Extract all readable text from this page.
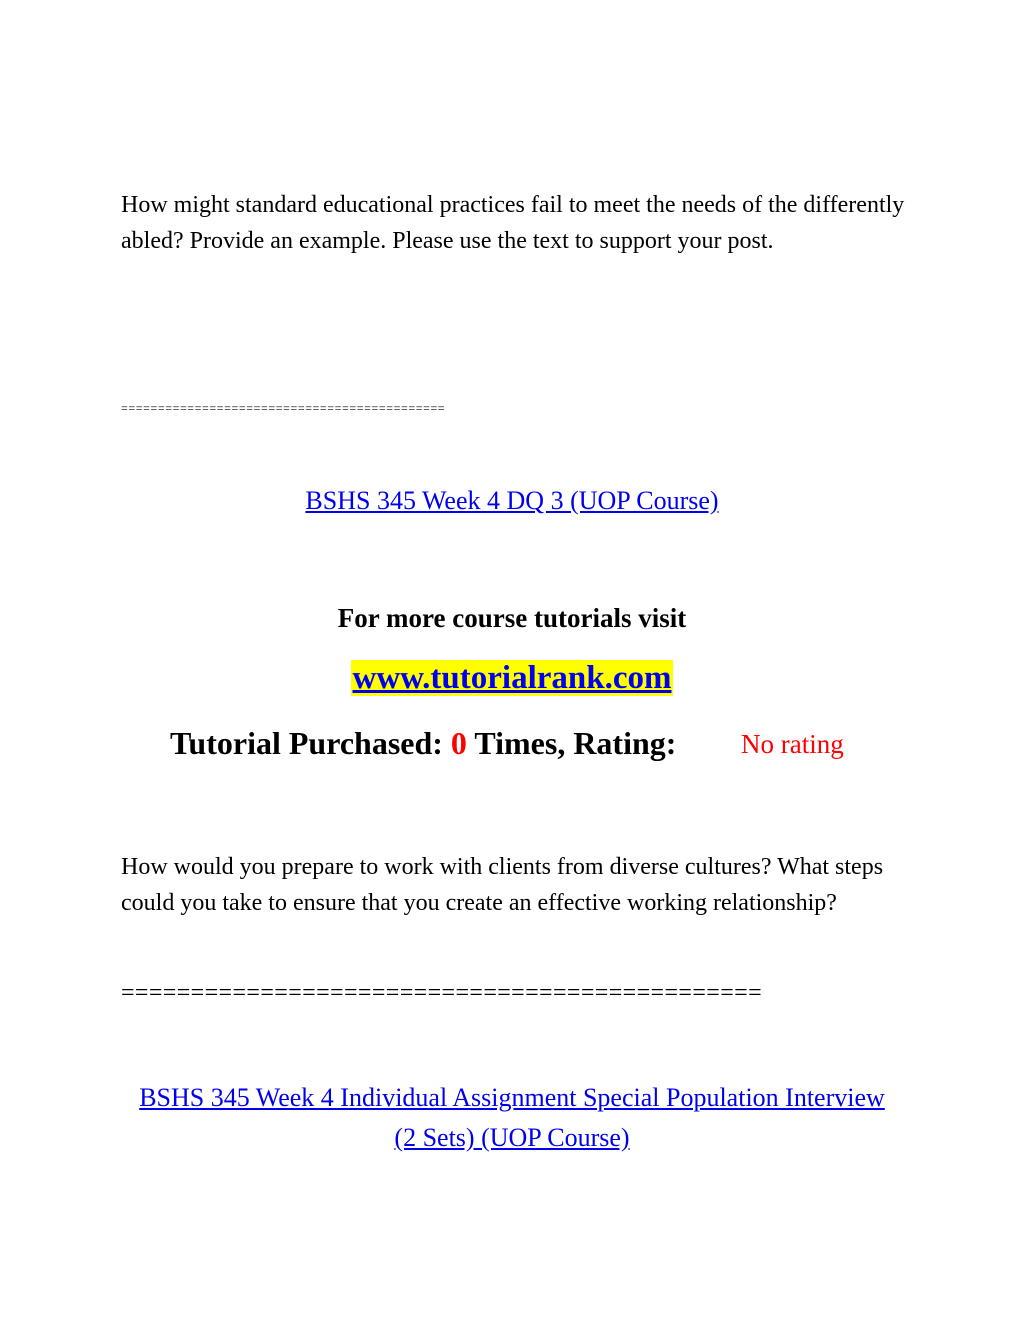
How might standard educational practices fail to meet the needs of the differently abled? Provide an example. Please use the text to support your post.
============================================
BSHS 345 Week 4 DQ 3 (UOP Course)
For more course tutorials visit
www.tutorialrank.com
Tutorial Purchased: 0 Times, Rating: No rating
How would you prepare to work with clients from diverse cultures? What steps could you take to ensure that you create an effective working relationship?
==============================================
BSHS 345 Week 4 Individual Assignment Special Population Interview (2 Sets) (UOP Course)
